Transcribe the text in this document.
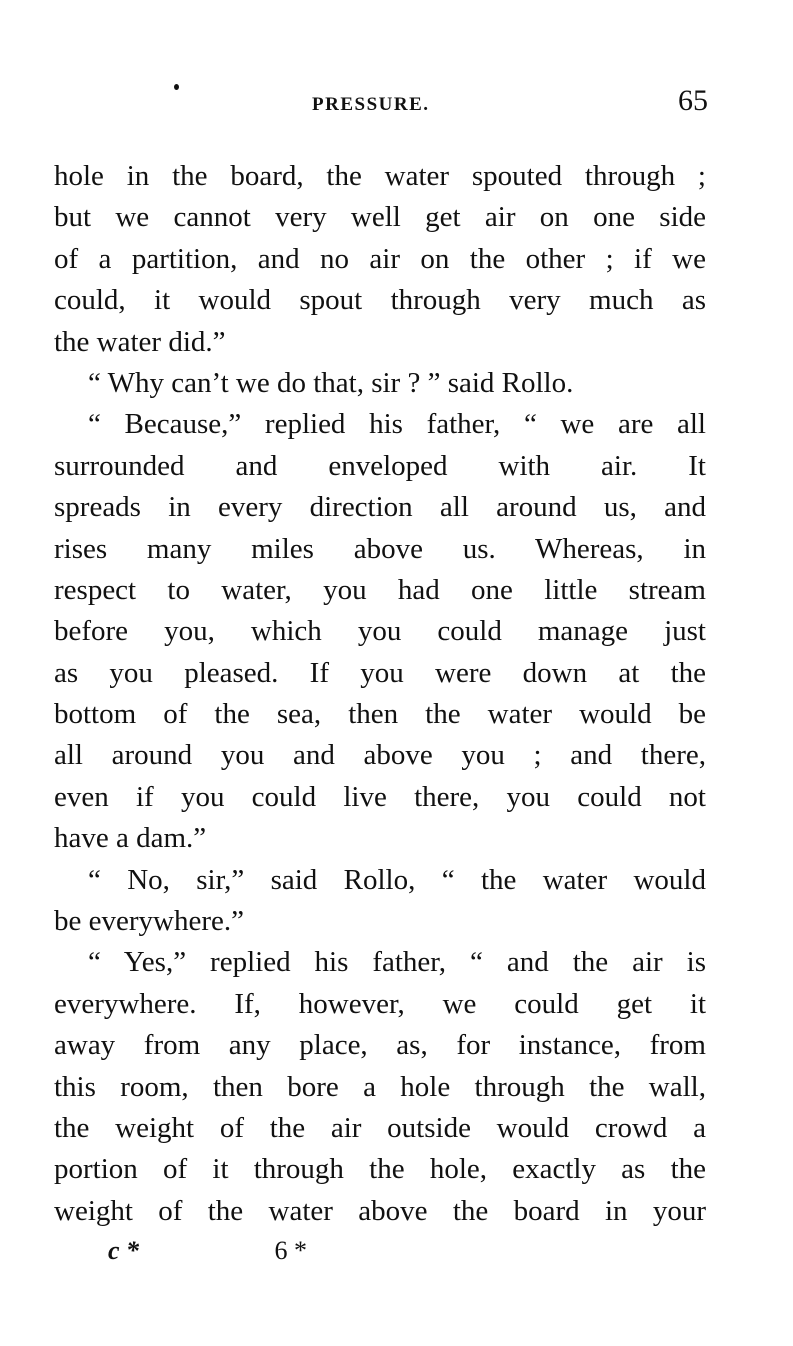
PRESSURE.	65
hole in the board, the water spouted through ;
but we cannot very well get air on one side
of a partition, and no air on the other ; if we
could, it would spout through very much as
the water did.”
“ Why can’t we do that, sir ? ” said Rollo.
“ Because,” replied his father, “ we are all
surrounded and enveloped with air. It
spreads in every direction all around us, and
rises many miles above us. Whereas, in
respect to water, you had one little stream
before you, which you could manage just
as you pleased. If you were down at the
bottom of the sea, then the water would be
all around you and above you ; and there,
even if you could live there, you could not
have a dam.”
“ No, sir,” said Rollo, “ the water would
be everywhere.”
“ Yes,” replied his father, “ and the air is
everywhere. If, however, we could get it
away from any place, as, for instance, from
this room, then bore a hole through the wall,
the weight of the air outside would crowd a
portion of it through the hole, exactly as the
weight of the water above the board in your
c *	6 *
